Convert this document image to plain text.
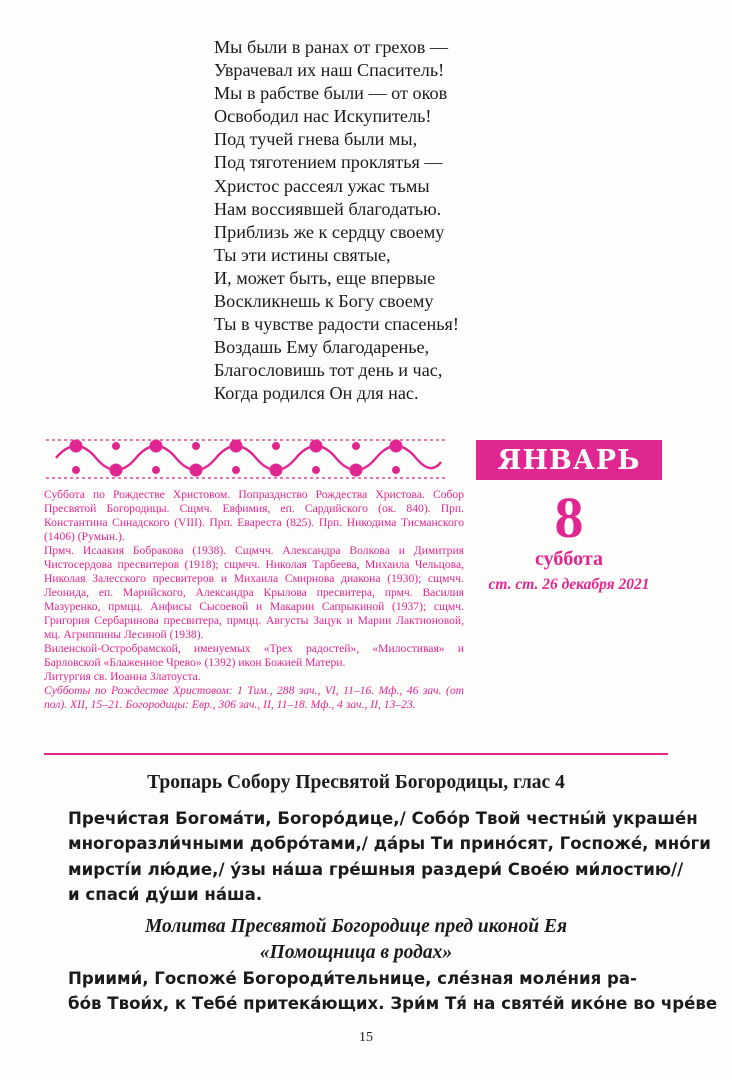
Мы были в ранах от грехов —
Уврачевал их наш Спаситель!
Мы в рабстве были — от оков
Освободил нас Искупитель!
Под тучей гнева были мы,
Под тяготением проклятья —
Христос рассеял ужас тьмы
Нам воссиявшей благодатью.
Приблизь же к сердцу своему
Ты эти истины святые,
И, может быть, еще впервые
Воскликнешь к Богу своему
Ты в чувстве радости спасенья!
Воздашь Ему благодаренье,
Благословишь тот день и час,
Когда родился Он для нас.
ЯНВАРЬ
8
суббота
ст. ст. 26 декабря 2021

Суббота по Рождестве Христовом. Попразднство Рождества Христова. Собор Пресвятой Богородицы. Сщмч. Евфимия, еп. Сардийского (ок. 840). Прп. Константина Синадского (VIII). Прп. Евареста (825). Прп. Никодима Тисманского (1406) (Румын.).

Прмч. Исаакия Бобракова (1938). Сщмчч. Александра Волкова и Димитрия Чистосердова пресвитеров (1918); сщмчч. Николая Тарбеева, Михаила Чельцова, Николая Залесского пресвитеров и Михаила Смирнова диакона (1930); сщмчч. Леонида, еп. Марийского, Александра Крылова пресвитера, прмч. Василия Мазуренко, прмцц. Анфисы Сысоевой и Макарии Сапрыкиной (1937); сщмч. Григория Сербаринова пресвитера, прмцц. Августы Зацук и Марии Лактионовой, мц. Агриппины Лесиной (1938).

Виленской-Остробрамской, именуемых «Трех радостей», «Милостивая» и Барловской «Блаженное Чрево» (1392) икон Божией Матери.

Литургия св. Иоанна Златоуста.

Субботы по Рождестве Христовом: 1 Тим., 288 зач., VI, 11–16. Мф., 46 зач. (от пол). XII, 15–21. Богородицы: Евр., 306 зач., II, 11–18. Мф., 4 зач., II, 13–23.

Тропарь Собору Пресвятой Богородицы, глас 4
Пречи́стая Богома́ти, Богоро́дице,/ Собо́р Твой честны́й украше́н
многоразли́чными добро́тами,/ да́ры Ти прино́сят, Госпоже́, мно́ги
мирстíи лю́дие,/ у́зы на́ша гре́шныя раздери́ Своéю ми́лостию//
и спаси́ ду́ши на́ша.
Молитва Пресвятой Богородице пред иконой Ея
«Помощница в родах»
Приими́, Госпоже́ Богороди́тельнице, слéзная молéния ра-
бо́в Твои́х, к Тебе́ притека́ющих. Зри́м Тя́ на святе́й ико́не во чре́ве
15
